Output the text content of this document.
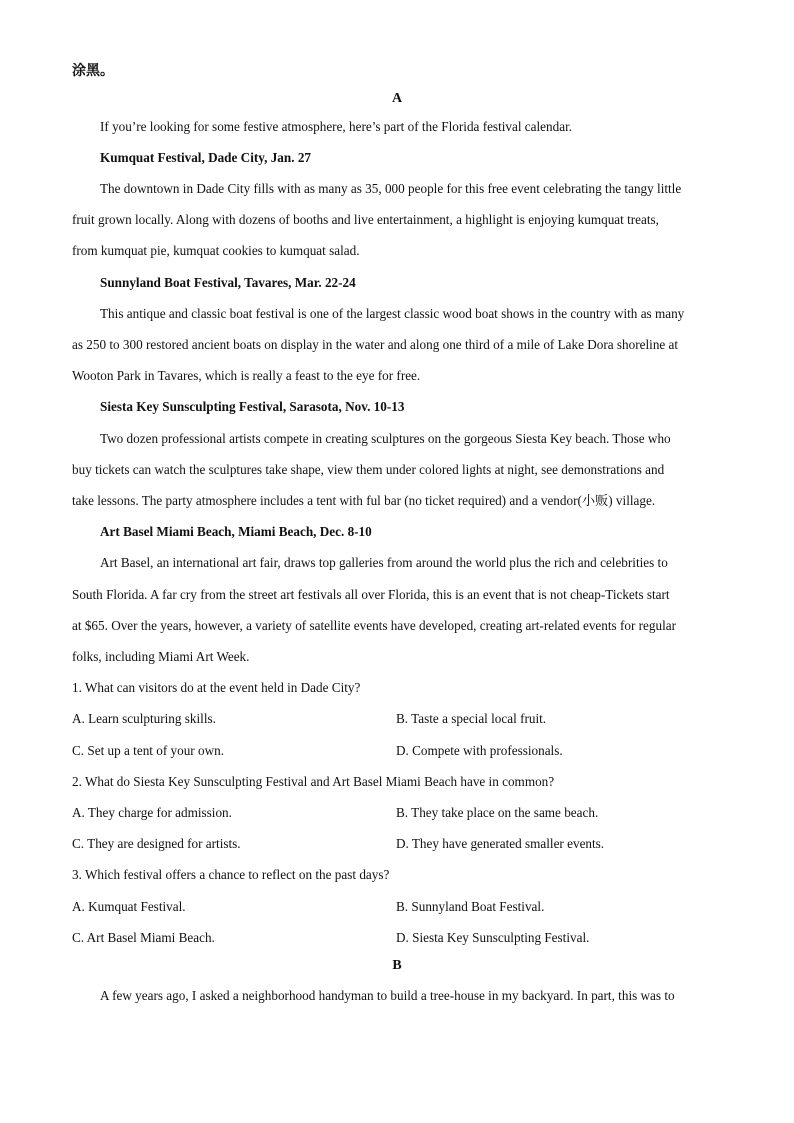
涂黑。
A
If you’re looking for some festive atmosphere, here’s part of the Florida festival calendar.
Kumquat Festival, Dade City, Jan. 27
The downtown in Dade City fills with as many as 35, 000 people for this free event celebrating the tangy little
fruit grown locally. Along with dozens of booths and live entertainment, a highlight is enjoying kumquat treats,
from kumquat pie, kumquat cookies to kumquat salad.
Sunnyland Boat Festival, Tavares, Mar. 22-24
This antique and classic boat festival is one of the largest classic wood boat shows in the country with as many
as 250 to 300 restored ancient boats on display in the water and along one third of a mile of Lake Dora shoreline at
Wooton Park in Tavares, which is really a feast to the eye for free.
Siesta Key Sunsculpting Festival, Sarasota, Nov. 10-13
Two dozen professional artists compete in creating sculptures on the gorgeous Siesta Key beach. Those who
buy tickets can watch the sculptures take shape, view them under colored lights at night, see demonstrations and
take lessons. The party atmosphere includes a tent with ful bar (no ticket required) and a vendor(小贩) village.
Art Basel Miami Beach, Miami Beach, Dec. 8-10
Art Basel, an international art fair, draws top galleries from around the world plus the rich and celebrities to
South Florida. A far cry from the street art festivals all over Florida, this is an event that is not cheap-Tickets start
at $65. Over the years, however, a variety of satellite events have developed, creating art-related events for regular
folks, including Miami Art Week.
1. What can visitors do at the event held in Dade City?
A. Learn sculpturing skills.	B. Taste a special local fruit.
C. Set up a tent of your own.	D. Compete with professionals.
2. What do Siesta Key Sunsculpting Festival and Art Basel Miami Beach have in common?
A. They charge for admission.	B. They take place on the same beach.
C. They are designed for artists.	D. They have generated smaller events.
3. Which festival offers a chance to reflect on the past days?
A. Kumquat Festival.	B. Sunnyland Boat Festival.
C. Art Basel Miami Beach.	D. Siesta Key Sunsculpting Festival.
B
A few years ago, I asked a neighborhood handyman to build a tree-house in my backyard. In part, this was to
